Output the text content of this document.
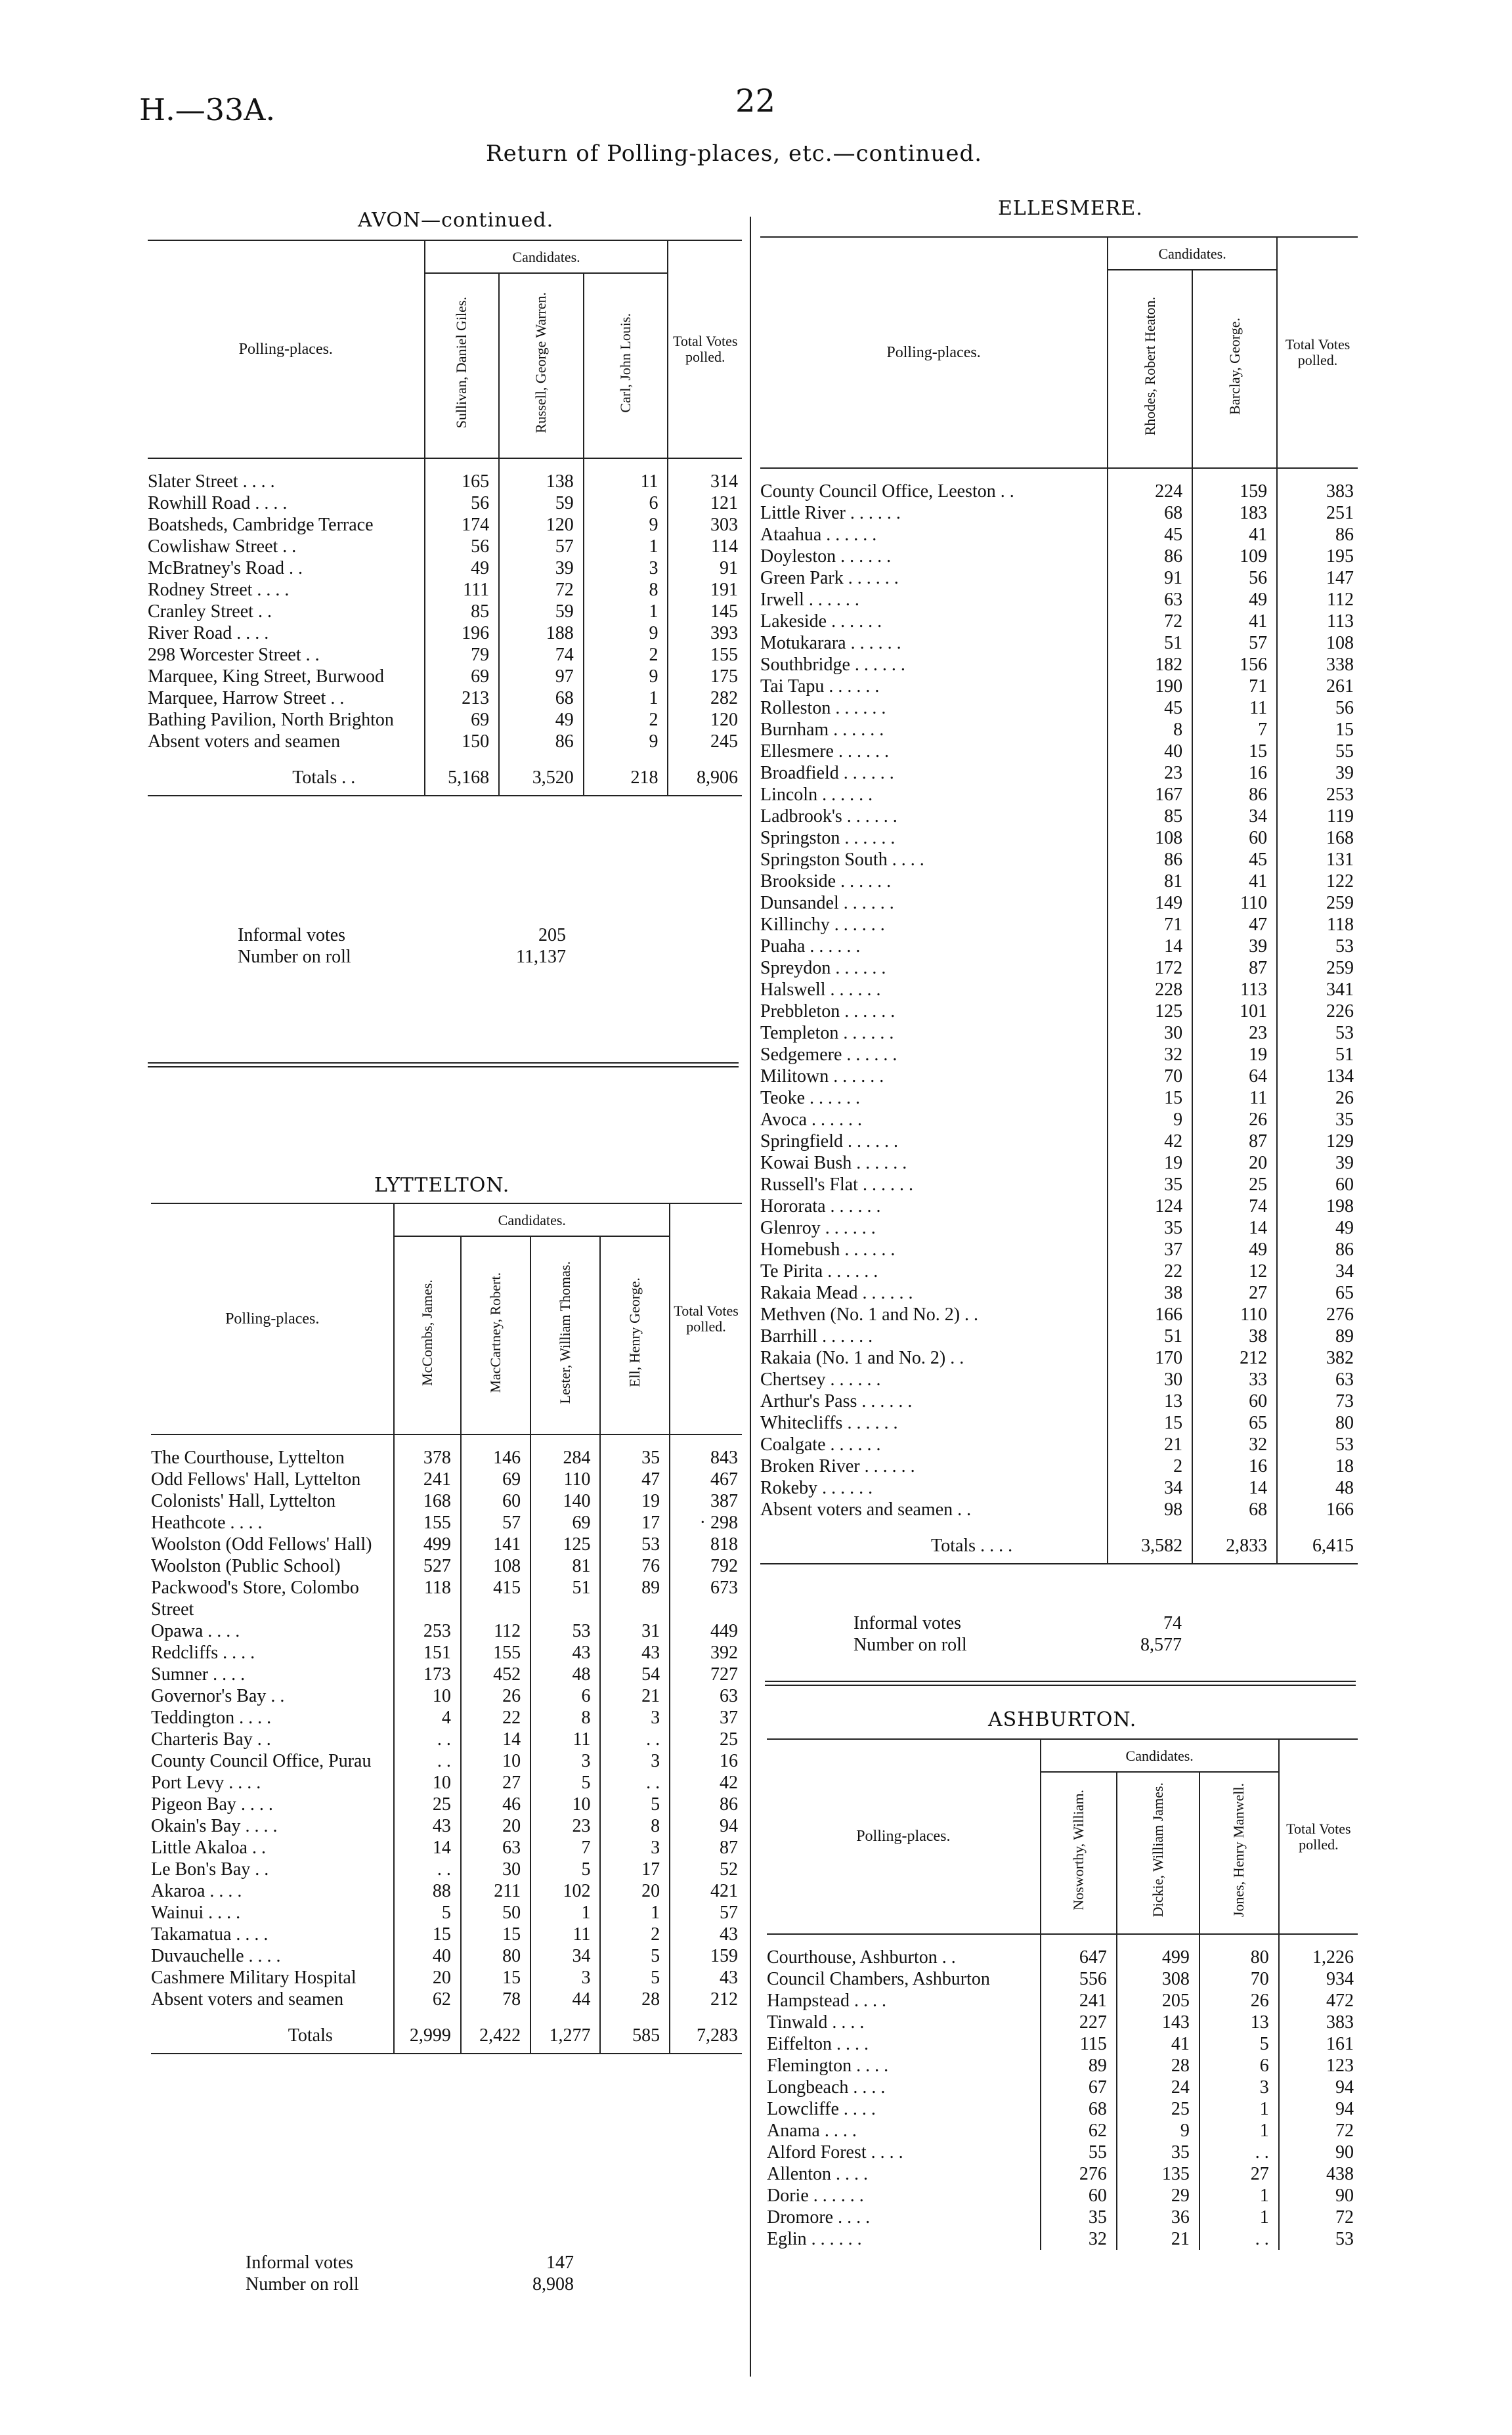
H.—33A.	22
Return of Polling-places, etc.—continued.
AVON—continued.
Polling-places.	Candidates.			Total Votes polled.
	Sullivan, Daniel Giles.	Russell, George Warren.	Carl, John Louis.	
Slater Street . . . .	165	138	11	314
Rowhill Road . . . .	56	59	6	121
Boatsheds, Cambridge Terrace	174	120	9	303
Cowlishaw Street . .	56	57	1	114
McBratney's Road . .	49	39	3	91
Rodney Street . . . .	111	72	8	191
Cranley Street . .	85	59	1	145
River Road . . . .	196	188	9	393
298 Worcester Street . .	79	74	2	155
Marquee, King Street, Burwood	69	97	9	175
Marquee, Harrow Street . .	213	68	1	282
Bathing Pavilion, North Brighton	69	49	2	120
Absent voters and seamen	150	86	9	245
Totals . .	5,168	3,520	218	8,906
Informal votes	205
Number on roll	11,137
LYTTELTON.
Polling-places.	Candidates.				Total Votes polled.
	McCombs, James.	MacCartney, Robert.	Lester, William Thomas.	Ell, Henry George.	
The Courthouse, Lyttelton	378	146	284	35	843
Odd Fellows' Hall, Lyttelton	241	69	110	47	467
Colonists' Hall, Lyttelton	168	60	140	19	387
Heathcote . . . .	155	57	69	17	· 298
Woolston (Odd Fellows' Hall)	499	141	125	53	818
Woolston (Public School)	527	108	81	76	792
Packwood's Store, Colombo Street	118	415	51	89	673
Opawa . . . .	253	112	53	31	449
Redcliffs . . . .	151	155	43	43	392
Sumner . . . .	173	452	48	54	727
Governor's Bay . .	10	26	6	21	63
Teddington . . . .	4	22	8	3	37
Charteris Bay . .	. .	14	11	. .	25
County Council Office, Purau	. .	10	3	3	16
Port Levy . . . .	10	27	5	. .	42
Pigeon Bay . . . .	25	46	10	5	86
Okain's Bay . . . .	43	20	23	8	94
Little Akaloa . .	14	63	7	3	87
Le Bon's Bay . .	. .	30	5	17	52
Akaroa . . . .	88	211	102	20	421
Wainui . . . .	5	50	1	1	57
Takamatua . . . .	15	15	11	2	43
Duvauchelle . . . .	40	80	34	5	159
Cashmere Military Hospital	20	15	3	5	43
Absent voters and seamen	62	78	44	28	212
Totals	2,999	2,422	1,277	585	7,283
Informal votes	147
Number on roll	8,908
ELLESMERE.
Polling-places.	Candidates.		Total Votes polled.
	Rhodes, Robert Heaton.	Barclay, George.	
County Council Office, Leeston . .	224	159	383
Little River . . . . . .	68	183	251
Ataahua . . . . . .	45	41	86
Doyleston . . . . . .	86	109	195
Green Park . . . . . .	91	56	147
Irwell . . . . . .	63	49	112
Lakeside . . . . . .	72	41	113
Motukarara . . . . . .	51	57	108
Southbridge . . . . . .	182	156	338
Tai Tapu . . . . . .	190	71	261
Rolleston . . . . . .	45	11	56
Burnham . . . . . .	8	7	15
Ellesmere . . . . . .	40	15	55
Broadfield . . . . . .	23	16	39
Lincoln . . . . . .	167	86	253
Ladbrook's . . . . . .	85	34	119
Springston . . . . . .	108	60	168
Springston South . . . .	86	45	131
Brookside . . . . . .	81	41	122
Dunsandel . . . . . .	149	110	259
Killinchy . . . . . .	71	47	118
Puaha . . . . . .	14	39	53
Spreydon . . . . . .	172	87	259
Halswell . . . . . .	228	113	341
Prebbleton . . . . . .	125	101	226
Templeton . . . . . .	30	23	53
Sedgemere . . . . . .	32	19	51
Militown . . . . . .	70	64	134
Teoke . . . . . .	15	11	26
Avoca . . . . . .	9	26	35
Springfield . . . . . .	42	87	129
Kowai Bush . . . . . .	19	20	39
Russell's Flat . . . . . .	35	25	60
Hororata . . . . . .	124	74	198
Glenroy . . . . . .	35	14	49
Homebush . . . . . .	37	49	86
Te Pirita . . . . . .	22	12	34
Rakaia Mead . . . . . .	38	27	65
Methven (No. 1 and No. 2) . .	166	110	276
Barrhill . . . . . .	51	38	89
Rakaia (No. 1 and No. 2) . .	170	212	382
Chertsey . . . . . .	30	33	63
Arthur's Pass . . . . . .	13	60	73
Whitecliffs . . . . . .	15	65	80
Coalgate . . . . . .	21	32	53
Broken River . . . . . .	2	16	18
Rokeby . . . . . .	34	14	48
Absent voters and seamen . .	98	68	166
Totals . . . .	3,582	2,833	6,415
Informal votes	74
Number on roll	8,577
ASHBURTON.
Polling-places.	Candidates.			Total Votes polled.
	Nosworthy, William.	Dickie, William James.	Jones, Henry Manwell.	
Courthouse, Ashburton . .	647	499	80	1,226
Council Chambers, Ashburton	556	308	70	934
Hampstead . . . .	241	205	26	472
Tinwald . . . .	227	143	13	383
Eiffelton . . . .	115	41	5	161
Flemington . . . .	89	28	6	123
Longbeach . . . .	67	24	3	94
Lowcliffe . . . .	68	25	1	94
Anama . . . .	62	9	1	72
Alford Forest . . . .	55	35	. .	90
Allenton . . . .	276	135	27	438
Dorie . . . . . .	60	29	1	90
Dromore . . . .	35	36	1	72
Eglin . . . . . .	32	21	. .	53
